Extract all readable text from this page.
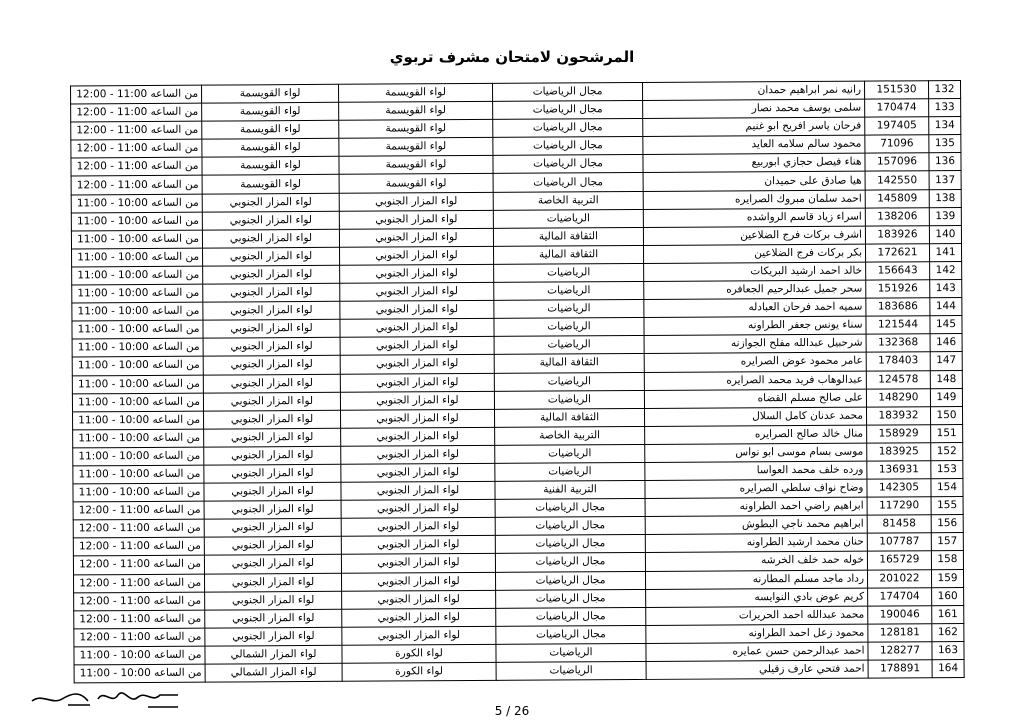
المرشحون لامتحان مشرف تربوي
132	151530	رانيه نمر ابراهيم حمدان	مجال الرياضيات	لواء القويسمة	لواء القويسمة	من الساعه 11:00 - 12:00
133	170474	سلمى يوسف محمد نصار	مجال الرياضيات	لواء القويسمة	لواء القويسمة	من الساعه 11:00 - 12:00
134	197405	فرحان ياسر افريح ابو غنيم	مجال الرياضيات	لواء القويسمة	لواء القويسمة	من الساعه 11:00 - 12:00
135	71096	محمود سالم سلامه العايد	مجال الرياضيات	لواء القويسمة	لواء القويسمة	من الساعه 11:00 - 12:00
136	157096	هناء فيصل حجازي ابوربيع	مجال الرياضيات	لواء القويسمة	لواء القويسمة	من الساعه 11:00 - 12:00
137	142550	هيا صادق على حميدان	مجال الرياضيات	لواء القويسمة	لواء القويسمة	من الساعه 11:00 - 12:00
138	145809	احمد سلمان مبروك الصرايره	التربية الخاصة	لواء المزار الجنوبي	لواء المزار الجنوبي	من الساعه 10:00 - 11:00
139	138206	اسراء زياد قاسم الرواشده	الرياضيات	لواء المزار الجنوبي	لواء المزار الجنوبي	من الساعه 10:00 - 11:00
140	183926	اشرف بركات فرج الضلاعين	الثقافة المالية	لواء المزار الجنوبي	لواء المزار الجنوبي	من الساعه 10:00 - 11:00
141	172621	بكر بركات فرج الضلاعين	الثقافة المالية	لواء المزار الجنوبي	لواء المزار الجنوبي	من الساعه 10:00 - 11:00
142	156643	خالد احمد ارشيد البريكات	الرياضيات	لواء المزار الجنوبي	لواء المزار الجنوبي	من الساعه 10:00 - 11:00
143	151926	سحر جميل عبدالرحيم الجعافره	الرياضيات	لواء المزار الجنوبي	لواء المزار الجنوبي	من الساعه 10:00 - 11:00
144	183686	سميه احمد فرحان العبادله	الرياضيات	لواء المزار الجنوبي	لواء المزار الجنوبي	من الساعه 10:00 - 11:00
145	121544	سناء يونس جعفر الطراونه	الرياضيات	لواء المزار الجنوبي	لواء المزار الجنوبي	من الساعه 10:00 - 11:00
146	132368	شرحبيل عبدالله مفلح الجوازنه	الرياضيات	لواء المزار الجنوبي	لواء المزار الجنوبي	من الساعه 10:00 - 11:00
147	178403	عامر محمود عوض الصرايره	الثقافة المالية	لواء المزار الجنوبي	لواء المزار الجنوبي	من الساعه 10:00 - 11:00
148	124578	عبدالوهاب فريد محمد الصرايره	الرياضيات	لواء المزار الجنوبي	لواء المزار الجنوبي	من الساعه 10:00 - 11:00
149	148290	على صالح مسلم القضاه	الرياضيات	لواء المزار الجنوبي	لواء المزار الجنوبي	من الساعه 10:00 - 11:00
150	183932	محمد عدنان كامل السلال	الثقافة المالية	لواء المزار الجنوبي	لواء المزار الجنوبي	من الساعه 10:00 - 11:00
151	158929	منال خالد صالح الصرايره	التربية الخاصة	لواء المزار الجنوبي	لواء المزار الجنوبي	من الساعه 10:00 - 11:00
152	183925	موسى بسام موسى ابو نواس	الرياضيات	لواء المزار الجنوبي	لواء المزار الجنوبي	من الساعه 10:00 - 11:00
153	136931	ورده خلف محمد العواسا	الرياضيات	لواء المزار الجنوبي	لواء المزار الجنوبي	من الساعه 10:00 - 11:00
154	142305	وضاح نواف سلطي الصرايره	التربية الفنية	لواء المزار الجنوبي	لواء المزار الجنوبي	من الساعه 10:00 - 11:00
155	117290	ابراهيم راضي احمد الطراونه	مجال الرياضيات	لواء المزار الجنوبي	لواء المزار الجنوبي	من الساعه 11:00 - 12:00
156	81458	ابراهيم محمد ناجي البطوش	مجال الرياضيات	لواء المزار الجنوبي	لواء المزار الجنوبي	من الساعه 11:00 - 12:00
157	107787	حنان محمد ارشيد الطراونه	مجال الرياضيات	لواء المزار الجنوبي	لواء المزار الجنوبي	من الساعه 11:00 - 12:00
158	165729	خوله حمد خلف الخرشه	مجال الرياضيات	لواء المزار الجنوبي	لواء المزار الجنوبي	من الساعه 11:00 - 12:00
159	201022	رداد ماجد مسلم المطارنه	مجال الرياضيات	لواء المزار الجنوبي	لواء المزار الجنوبي	من الساعه 11:00 - 12:00
160	174704	كريم عوض بادي النوايسه	مجال الرياضيات	لواء المزار الجنوبي	لواء المزار الجنوبي	من الساعه 11:00 - 12:00
161	190046	محمد عبدالله احمد الحريرات	مجال الرياضيات	لواء المزار الجنوبي	لواء المزار الجنوبي	من الساعه 11:00 - 12:00
162	128181	محمود زعل احمد الطراونه	مجال الرياضيات	لواء المزار الجنوبي	لواء المزار الجنوبي	من الساعه 11:00 - 12:00
163	128277	احمد عبدالرحمن حسن عمايره	الرياضيات	لواء الكورة	لواء المزار الشمالي	من الساعه 10:00 - 11:00
164	178891	احمد فتحي عارف زقيلي	الرياضيات	لواء الكورة	لواء المزار الشمالي	من الساعه 10:00 - 11:00
5 / 26
